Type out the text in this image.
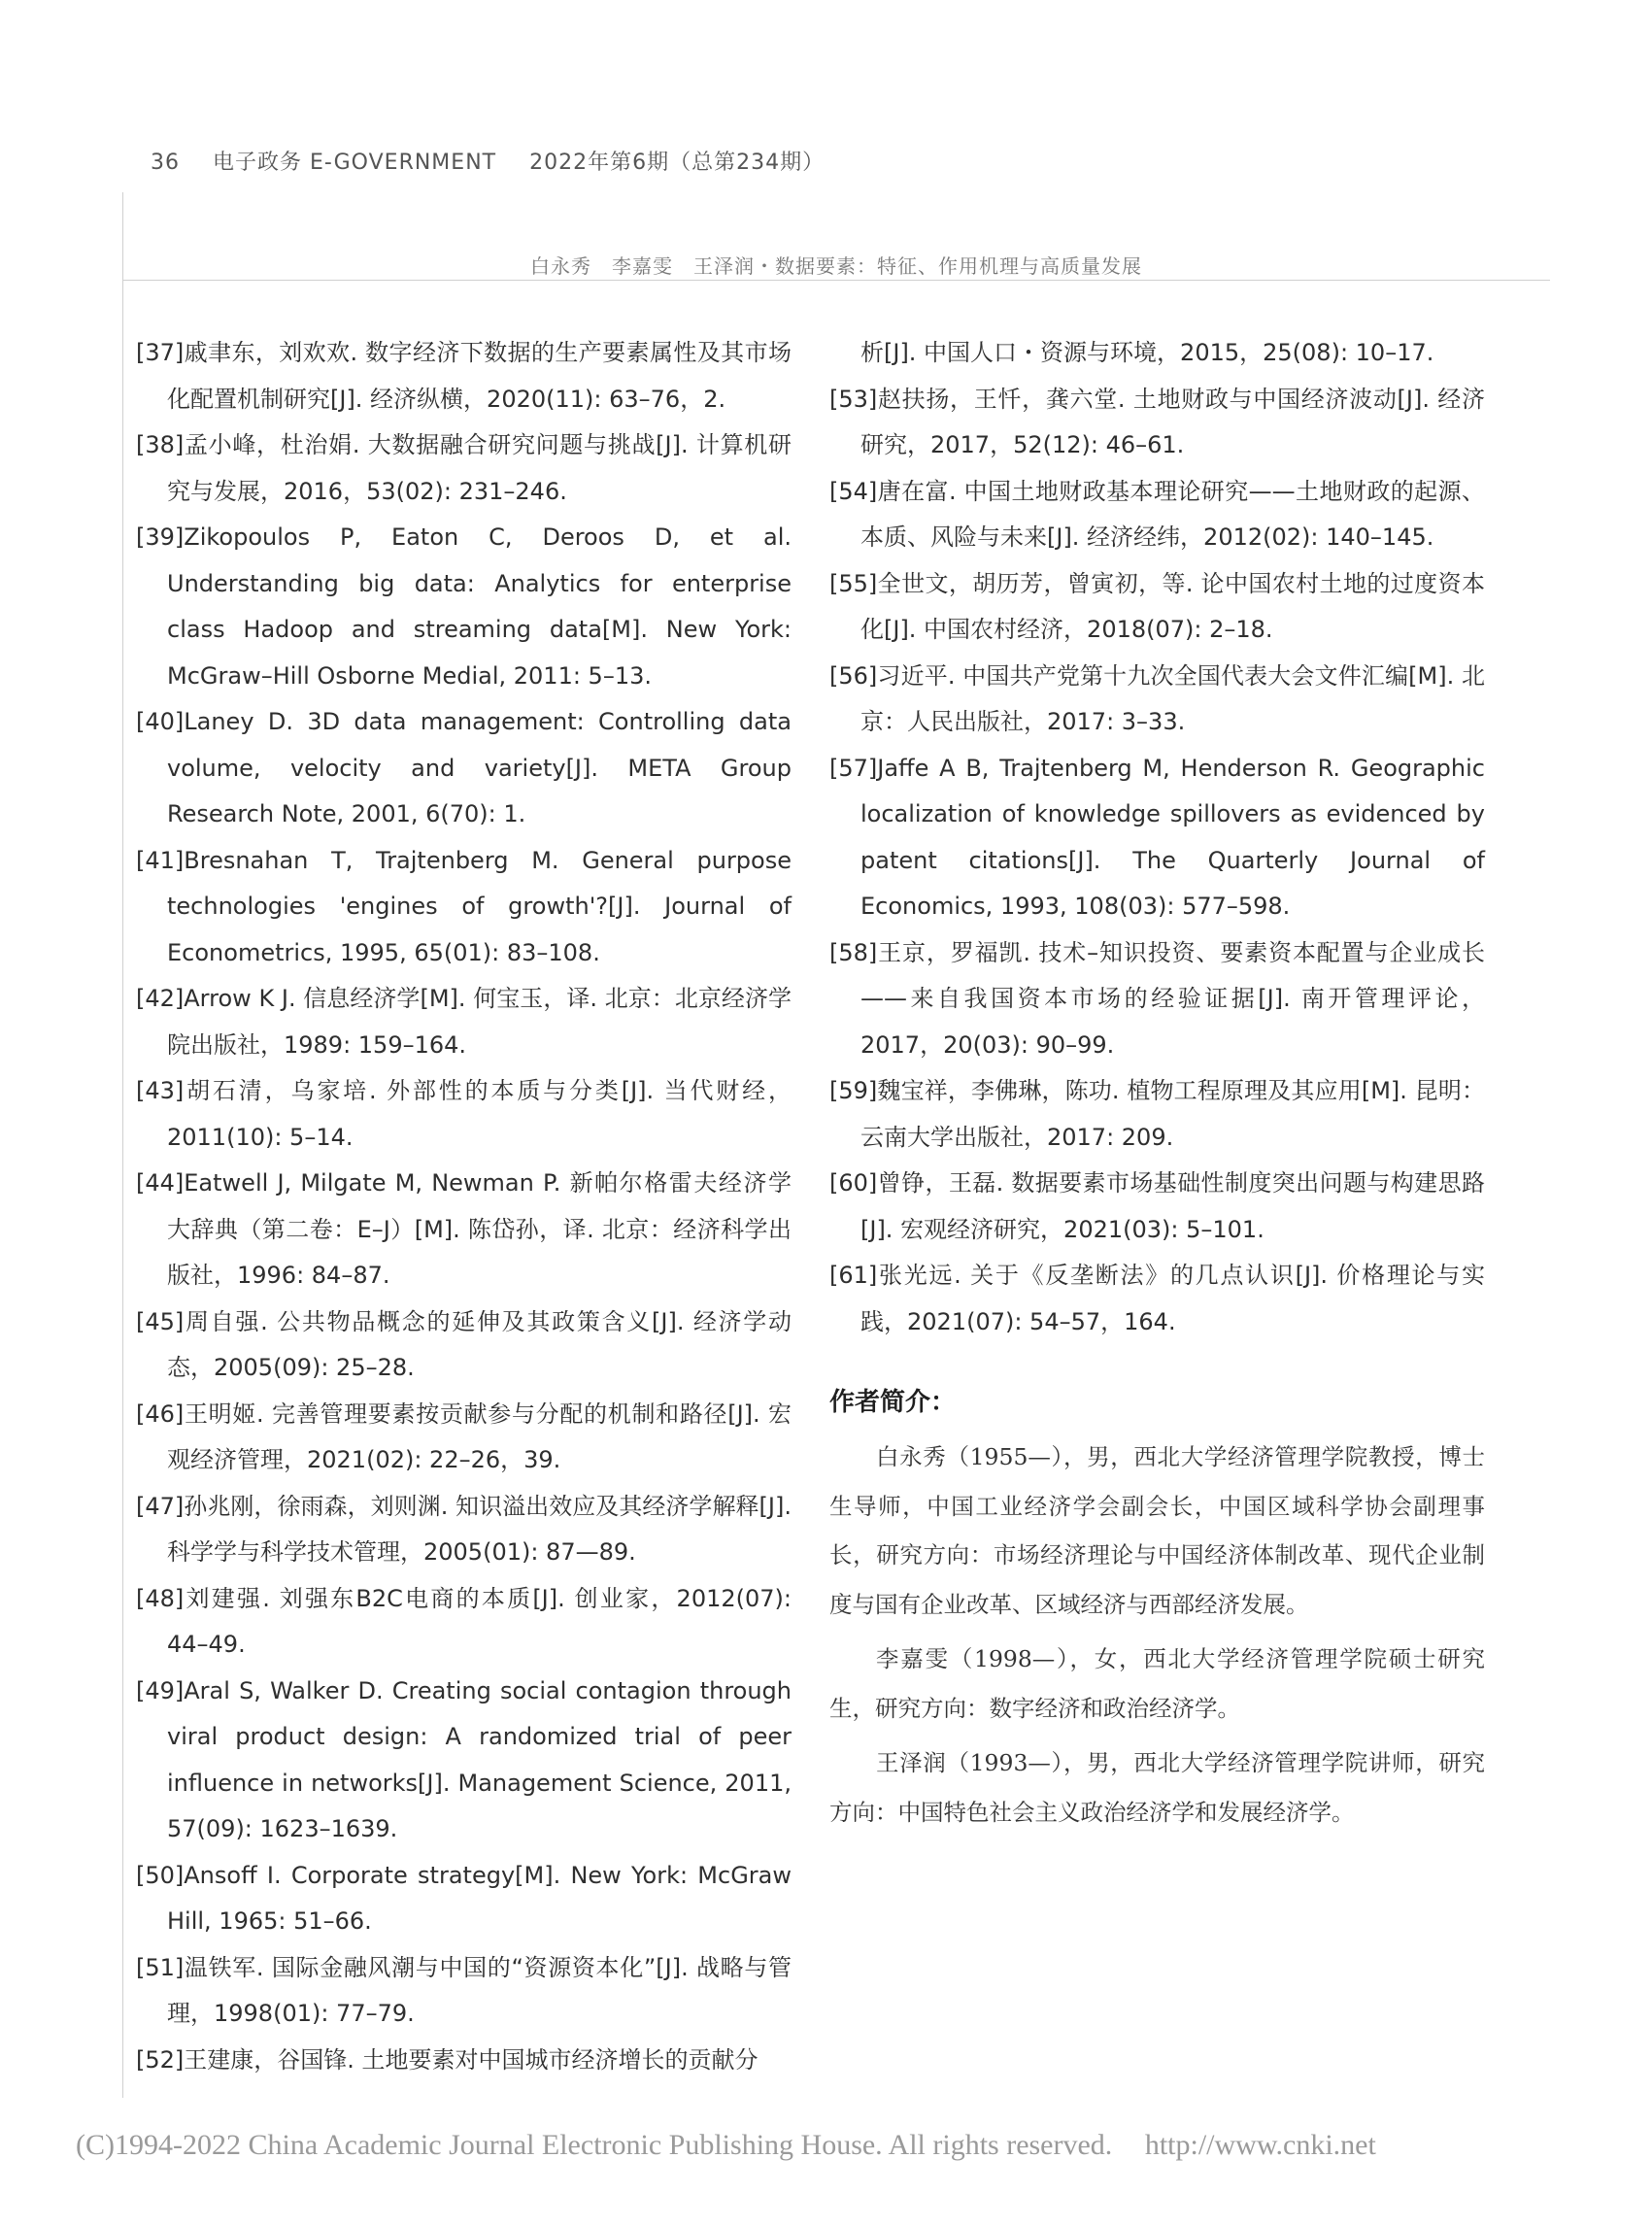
36 电子政务 E-GOVERNMENT 2022年第6期（总第234期）
白永秀　李嘉雯　王泽润・数据要素：特征、作用机理与高质量发展
[37]戚聿东，刘欢欢. 数字经济下数据的生产要素属性及其市场化配置机制研究[J]. 经济纵横，2020(11): 63–76，2.
[38]孟小峰，杜治娟. 大数据融合研究问题与挑战[J]. 计算机研究与发展，2016，53(02): 231–246.
[39]Zikopoulos P, Eaton C, Deroos D, et al. Understanding big data: Analytics for enterprise class Hadoop and streaming data[M]. New York: McGraw–Hill Osborne Medial, 2011: 5–13.
[40]Laney D. 3D data management: Controlling data volume, velocity and variety[J]. META Group Research Note, 2001, 6(70): 1.
[41]Bresnahan T, Trajtenberg M. General purpose technologies 'engines of growth'?[J]. Journal of Econometrics, 1995, 65(01): 83–108.
[42]Arrow K J. 信息经济学[M]. 何宝玉，译. 北京：北京经济学院出版社，1989: 159–164.
[43]胡石清，乌家培. 外部性的本质与分类[J]. 当代财经，2011(10): 5–14.
[44]Eatwell J, Milgate M, Newman P. 新帕尔格雷夫经济学大辞典（第二卷：E–J）[M]. 陈岱孙，译. 北京：经济科学出版社，1996: 84–87.
[45]周自强. 公共物品概念的延伸及其政策含义[J]. 经济学动态，2005(09): 25–28.
[46]王明姬. 完善管理要素按贡献参与分配的机制和路径[J]. 宏观经济管理，2021(02): 22–26，39.
[47]孙兆刚，徐雨森，刘则渊. 知识溢出效应及其经济学解释[J]. 科学学与科学技术管理，2005(01): 87—89.
[48]刘建强. 刘强东B2C电商的本质[J]. 创业家，2012(07): 44–49.
[49]Aral S, Walker D. Creating social contagion through viral product design: A randomized trial of peer influence in networks[J]. Management Science, 2011, 57(09): 1623–1639.
[50]Ansoff I. Corporate strategy[M]. New York: McGraw Hill, 1965: 51–66.
[51]温铁军. 国际金融风潮与中国的“资源资本化”[J]. 战略与管理，1998(01): 77–79.
[52]王建康，谷国锋. 土地要素对中国城市经济增长的贡献分
析[J]. 中国人口・资源与环境，2015，25(08): 10–17.
[53]赵扶扬，王忏，龚六堂. 土地财政与中国经济波动[J]. 经济研究，2017，52(12): 46–61.
[54]唐在富. 中国土地财政基本理论研究——土地财政的起源、本质、风险与未来[J]. 经济经纬，2012(02): 140–145.
[55]全世文，胡历芳，曾寅初，等. 论中国农村土地的过度资本化[J]. 中国农村经济，2018(07): 2–18.
[56]习近平. 中国共产党第十九次全国代表大会文件汇编[M]. 北京：人民出版社，2017: 3–33.
[57]Jaffe A B, Trajtenberg M, Henderson R. Geographic localization of knowledge spillovers as evidenced by patent citations[J]. The Quarterly Journal of Economics, 1993, 108(03): 577–598.
[58]王京，罗福凯. 技术–知识投资、要素资本配置与企业成长——来自我国资本市场的经验证据[J]. 南开管理评论，2017，20(03): 90–99.
[59]魏宝祥，李佛琳，陈功. 植物工程原理及其应用[M]. 昆明：云南大学出版社，2017: 209.
[60]曾铮，王磊. 数据要素市场基础性制度突出问题与构建思路[J]. 宏观经济研究，2021(03): 5–101.
[61]张光远. 关于《反垄断法》的几点认识[J]. 价格理论与实践，2021(07): 54–57，164.
作者简介：
白永秀（1955—），男，西北大学经济管理学院教授，博士生导师，中国工业经济学会副会长，中国区域科学协会副理事长，研究方向：市场经济理论与中国经济体制改革、现代企业制度与国有企业改革、区域经济与西部经济发展。
李嘉雯（1998—），女，西北大学经济管理学院硕士研究生，研究方向：数字经济和政治经济学。
王泽润（1993—），男，西北大学经济管理学院讲师，研究方向：中国特色社会主义政治经济学和发展经济学。
(C)1994-2022 China Academic Journal Electronic Publishing House. All rights reserved. http://www.cnki.net
